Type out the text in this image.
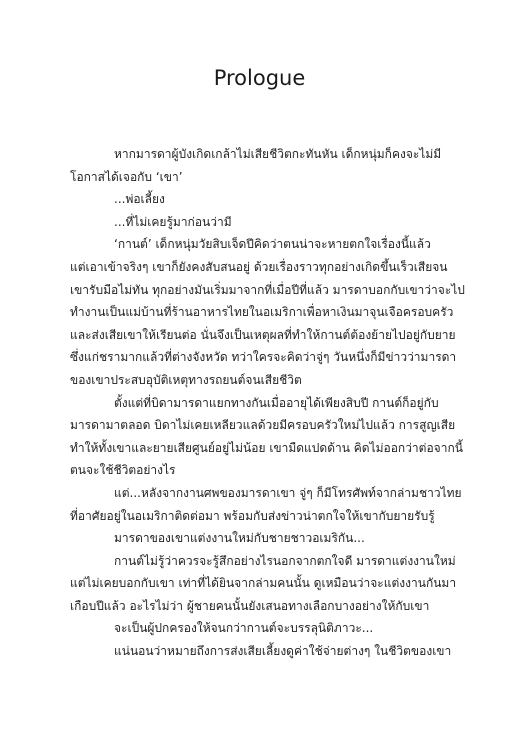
Prologue
หากมารดาผู้บังเกิดเกล้าไม่เสียชีวิตกะทันหัน เด็กหนุ่มก็คงจะไม่มี
โอกาสได้เจอกับ ‘เขา’
...พ่อเลี้ยง
...ที่ไม่เคยรู้มาก่อนว่ามี
‘กานต์’ เด็กหนุ่มวัยสิบเจ็ดปีคิดว่าตนน่าจะหายตกใจเรื่องนี้แล้ว
แต่เอาเข้าจริงๆ เขาก็ยังคงสับสนอยู่ ด้วยเรื่องราวทุกอย่างเกิดขึ้นเร็วเสียจน
เขารับมือไม่ทัน ทุกอย่างมันเริ่มมาจากที่เมื่อปีที่แล้ว มารดาบอกกับเขาว่าจะไป
ทำงานเป็นแม่บ้านที่ร้านอาหารไทยในอเมริกาเพื่อหาเงินมาจุนเจือครอบครัว
และส่งเสียเขาให้เรียนต่อ นั่นจึงเป็นเหตุผลที่ทำให้กานต์ต้องย้ายไปอยู่กับยาย
ซึ่งแก่ชรามากแล้วที่ต่างจังหวัด ทว่าใครจะคิดว่าจู่ๆ วันหนึ่งก็มีข่าวว่ามารดา
ของเขาประสบอุบัติเหตุทางรถยนต์จนเสียชีวิต
ตั้งแต่ที่บิดามารดาแยกทางกันเมื่ออายุได้เพียงสิบปี กานต์ก็อยู่กับ
มารดามาตลอด บิดาไม่เคยเหลียวแลด้วยมีครอบครัวใหม่ไปแล้ว การสูญเสีย
ทำให้ทั้งเขาและยายเสียศูนย์อยู่ไม่น้อย เขามืดแปดด้าน คิดไม่ออกว่าต่อจากนี้
ตนจะใช้ชีวิตอย่างไร
แต่...หลังจากงานศพของมารดาเขา จู่ๆ ก็มีโทรศัพท์จากล่ามชาวไทย
ที่อาศัยอยู่ในอเมริกาติดต่อมา พร้อมกับส่งข่าวน่าตกใจให้เขากับยายรับรู้
มารดาของเขาแต่งงานใหม่กับชายชาวอเมริกัน...
กานต์ไม่รู้ว่าควรจะรู้สึกอย่างไรนอกจากตกใจดี มารดาแต่งงานใหม่
แต่ไม่เคยบอกกับเขา เท่าที่ได้ยินจากล่ามคนนั้น ดูเหมือนว่าจะแต่งงานกันมา
เกือบปีแล้ว อะไรไม่ว่า ผู้ชายคนนั้นยังเสนอทางเลือกบางอย่างให้กับเขา
จะเป็นผู้ปกครองให้จนกว่ากานต์จะบรรลุนิติภาวะ...
แน่นอนว่าหมายถึงการส่งเสียเลี้ยงดูค่าใช้จ่ายต่างๆ ในชีวิตของเขา
